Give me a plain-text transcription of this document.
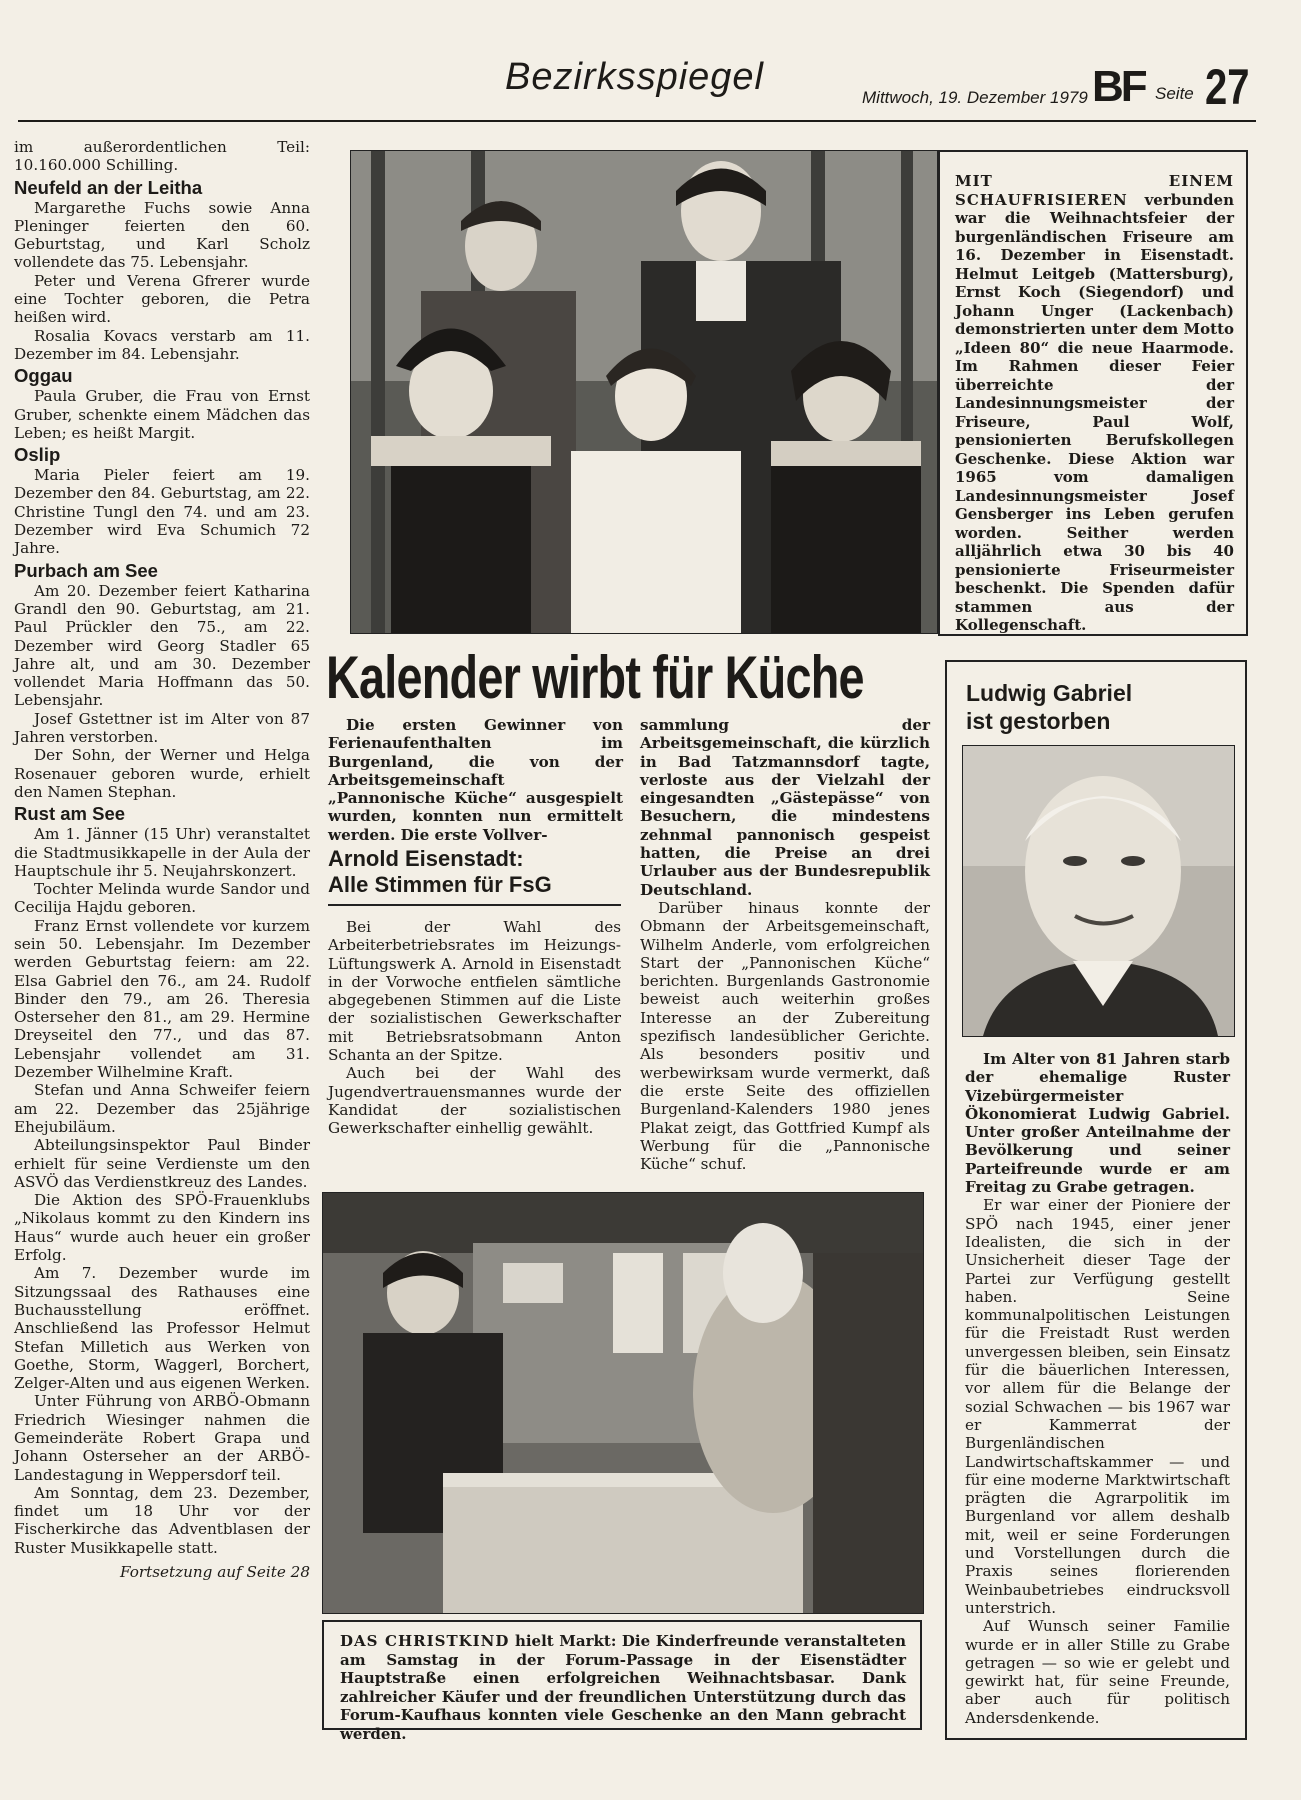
Bezirksspiegel	Mittwoch, 19. Dezember 1979 BF Seite 27

im außerordentlichen Teil: 10.160.000 Schilling.

Neufeld an der Leitha

Margarethe Fuchs sowie Anna Pleninger feierten den 60. Geburtstag, und Karl Scholz vollendete das 75. Lebensjahr.

Peter und Verena Gfrerer wurde eine Tochter geboren, die Petra heißen wird.

Rosalia Kovacs verstarb am 11. Dezember im 84. Lebensjahr.

Oggau

Paula Gruber, die Frau von Ernst Gruber, schenkte einem Mädchen das Leben; es heißt Margit.

Oslip

Maria Pieler feiert am 19. Dezember den 84. Geburtstag, am 22. Christine Tungl den 74. und am 23. Dezember wird Eva Schumich 72 Jahre.

Purbach am See

Am 20. Dezember feiert Katharina Grandl den 90. Geburtstag, am 21. Paul Prückler den 75., am 22. Dezember wird Georg Stadler 65 Jahre alt, und am 30. Dezember vollendet Maria Hoffmann das 50. Lebensjahr.

Josef Gstettner ist im Alter von 87 Jahren verstorben.

Der Sohn, der Werner und Helga Rosenauer geboren wurde, erhielt den Namen Stephan.

Rust am See

Am 1. Jänner (15 Uhr) veranstaltet die Stadtmusikkapelle in der Aula der Hauptschule ihr 5. Neujahrskonzert.

Tochter Melinda wurde Sandor und Cecilija Hajdu geboren.

Franz Ernst vollendete vor kurzem sein 50. Lebensjahr. Im Dezember werden Geburtstag feiern: am 22. Elsa Gabriel den 76., am 24. Rudolf Binder den 79., am 26. Theresia Osterseher den 81., am 29. Hermine Dreyseitel den 77., und das 87. Lebensjahr vollendet am 31. Dezember Wilhelmine Kraft.

Stefan und Anna Schweifer feiern am 22. Dezember das 25jährige Ehejubiläum.

Abteilungsinspektor Paul Binder erhielt für seine Verdienste um den ASVÖ das Verdienstkreuz des Landes.

Die Aktion des SPÖ-Frauenklubs „Nikolaus kommt zu den Kindern ins Haus“ wurde auch heuer ein großer Erfolg.

Am 7. Dezember wurde im Sitzungssaal des Rathauses eine Buchausstellung eröffnet. Anschließend las Professor Helmut Stefan Milletich aus Werken von Goethe, Storm, Waggerl, Borchert, Zelger-Alten und aus eigenen Werken.

Unter Führung von ARBÖ-Obmann Friedrich Wiesinger nahmen die Gemeinderäte Robert Grapa und Johann Osterseher an der ARBÖ-Landestagung in Weppersdorf teil.

Am Sonntag, dem 23. Dezember, findet um 18 Uhr vor der Fischerkirche das Adventblasen der Ruster Musikkapelle statt.

Fortsetzung auf Seite 28

MIT EINEM SCHAUFRISIEREN verbunden war die Weihnachtsfeier der burgenländischen Friseure am 16. Dezember in Eisenstadt. Helmut Leitgeb (Mattersburg), Ernst Koch (Siegendorf) und Johann Unger (Lackenbach) demonstrierten unter dem Motto „Ideen 80“ die neue Haarmode. Im Rahmen dieser Feier überreichte der Landesinnungsmeister der Friseure, Paul Wolf, pensionierten Berufskollegen Geschenke. Diese Aktion war 1965 vom damaligen Landesinnungsmeister Josef Gensberger ins Leben gerufen worden. Seither werden alljährlich etwa 30 bis 40 pensionierte Friseurmeister beschenkt. Die Spenden dafür stammen aus der Kollegenschaft.
Kalender wirbt für Küche

Die ersten Gewinner von Ferienaufenthalten im Burgenland, die von der Arbeitsgemeinschaft „Pannonische Küche“ ausgespielt wurden, konnten nun ermittelt werden. Die erste Vollver-

Arnold Eisenstadt:
Alle Stimmen für FsG

Bei der Wahl des Arbeiterbetriebsrates im Heizungs-Lüftungswerk A. Arnold in Eisenstadt in der Vorwoche entfielen sämtliche abgegebenen Stimmen auf die Liste der sozialistischen Gewerkschafter mit Betriebsratsobmann Anton Schanta an der Spitze.

Auch bei der Wahl des Jugendvertrauensmannes wurde der Kandidat der sozialistischen Gewerkschafter einhellig gewählt.

sammlung der Arbeitsgemeinschaft, die kürzlich in Bad Tatzmannsdorf tagte, verloste aus der Vielzahl der eingesandten „Gästepässe“ von Besuchern, die mindestens zehnmal pannonisch gespeist hatten, die Preise an drei Urlauber aus der Bundesrepublik Deutschland.

Darüber hinaus konnte der Obmann der Arbeitsgemeinschaft, Wilhelm Anderle, vom erfolgreichen Start der „Pannonischen Küche“ berichten. Burgenlands Gastronomie beweist auch weiterhin großes Interesse an der Zubereitung spezifisch landesüblicher Gerichte. Als besonders positiv und werbewirksam wurde vermerkt, daß die erste Seite des offiziellen Burgenland-Kalenders 1980 jenes Plakat zeigt, das Gottfried Kumpf als Werbung für die „Pannonische Küche“ schuf.

Ludwig Gabriel
ist gestorben

Im Alter von 81 Jahren starb der ehemalige Ruster Vizebürgermeister Ökonomierat Ludwig Gabriel. Unter großer Anteilnahme der Bevölkerung und seiner Parteifreunde wurde er am Freitag zu Grabe getragen.

Er war einer der Pioniere der SPÖ nach 1945, einer jener Idealisten, die sich in der Unsicherheit dieser Tage der Partei zur Verfügung gestellt haben. Seine kommunalpolitischen Leistungen für die Freistadt Rust werden unvergessen bleiben, sein Einsatz für die bäuerlichen Interessen, vor allem für die Belange der sozial Schwachen — bis 1967 war er Kammerrat der Burgenländischen Landwirtschaftskammer — und für eine moderne Marktwirtschaft prägten die Agrarpolitik im Burgenland vor allem deshalb mit, weil er seine Forderungen und Vorstellungen durch die Praxis seines florierenden Weinbaubetriebes eindrucksvoll unterstrich.

Auf Wunsch seiner Familie wurde er in aller Stille zu Grabe getragen — so wie er gelebt und gewirkt hat, für seine Freunde, aber auch für politisch Andersdenkende.

DAS CHRISTKIND hielt Markt: Die Kinderfreunde veranstalteten am Samstag in der Forum-Passage in der Eisenstädter Hauptstraße einen erfolgreichen Weihnachtsbasar. Dank zahlreicher Käufer und der freundlichen Unterstützung durch das Forum-Kaufhaus konnten viele Geschenke an den Mann gebracht werden.
